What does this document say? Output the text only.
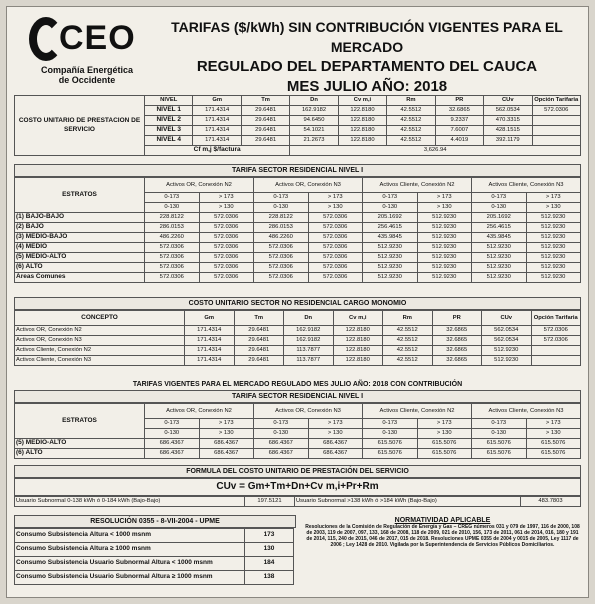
CEO
Compañía Energética
de Occidente
TARIFAS ($/kWh) SIN CONTRIBUCIÓN VIGENTES PARA EL MERCADO
REGULADO DEL DEPARTAMENTO DEL CAUCA
MES JULIO AÑO: 2018
COSTO UNITARIO DE PRESTACION DE SERVICIO	NIVEL	Gm	Tm	Dn	Cv m,i	Rm	PR	CUv	Opción Tarifaria
	NIVEL 1	171.4314	29.6481	162.9182	122.8180	42.5512	32.6865	562.0534	572.0306
	NIVEL 2	171.4314	29.6481	94.6450	122.8180	42.5512	9.2337	470.3315	
	NIVEL 3	171.4314	29.6481	54.1021	122.8180	42.5512	7.6007	428.1515	
	NIVEL 4	171.4314	29.6481	21.2673	122.8180	42.5512	4.4019	392.1179	
	Cf m,j $/factura			3,626.94					
TARIFA SECTOR RESIDENCIAL NIVEL I
ESTRATOS	Activos OR, Conexión N2		Activos OR, Conexión N3		Activos Cliente, Conexión N2		Activos Cliente, Conexión N3	
	0-173	> 173	0-173	> 173	0-173	> 173	0-173	> 173
	0-130	> 130	0-130	> 130	0-130	> 130	0-130	> 130
(1) BAJO-BAJO	228.8122	572.0306	228.8122	572.0306	205.1692	512.9230	205.1692	512.9230
(2) BAJO	286.0153	572.0306	286.0153	572.0306	256.4615	512.9230	256.4615	512.9230
(3) MEDIO-BAJO	486.2260	572.0306	486.2260	572.0306	435.9845	512.9230	435.9845	512.9230
(4) MEDIO	572.0306	572.0306	572.0306	572.0306	512.9230	512.9230	512.9230	512.9230
(5) MEDIO-ALTO	572.0306	572.0306	572.0306	572.0306	512.9230	512.9230	512.9230	512.9230
(6) ALTO	572.0306	572.0306	572.0306	572.0306	512.9230	512.9230	512.9230	512.9230
Areas Comunes	572.0306	572.0306	572.0306	572.0306	512.9230	512.9230	512.9230	512.9230
COSTO UNITARIO SECTOR NO RESIDENCIAL CARGO MONOMIO
CONCEPTO	Gm	Tm	Dn	Cv m,i	Rm	PR	CUv	Opción Tarifaria
Activos OR, Conexión N2	171.4314	29.6481	162.9182	122.8180	42.5512	32.6865	562.0534	572.0306
Activos OR, Conexión N3	171.4314	29.6481	162.9182	122.8180	42.5512	32.6865	562.0534	572.0306
Activos Cliente, Conexión N2	171.4314	29.6481	113.7877	122.8180	42.5512	32.6865	512.9230	
Activos Cliente, Conexión N3	171.4314	29.6481	113.7877	122.8180	42.5512	32.6865	512.9230	
TARIFAS VIGENTES PARA EL MERCADO REGULADO MES JULIO AÑO: 2018 CON CONTRIBUCIÓN
TARIFA SECTOR RESIDENCIAL NIVEL I
ESTRATOS	Activos OR, Conexión N2		Activos OR, Conexión N3		Activos Cliente, Conexión N2		Activos Cliente, Conexión N3	
	0-173	> 173	0-173	> 173	0-173	> 173	0-173	> 173
	0-130	> 130	0-130	> 130	0-130	> 130	0-130	> 130
(5) MEDIO-ALTO	686.4367	686.4367	686.4367	686.4367	615.5076	615.5076	615.5076	615.5076
(6) ALTO	686.4367	686.4367	686.4367	686.4367	615.5076	615.5076	615.5076	615.5076
FORMULA DEL COSTO UNITARIO DE PRESTACIÓN DEL SERVICIO
CUv = Gm+Tm+Dn+Cv m,i+Pr+Rm
Usuario Subnormal 0-138 kWh ó 0-184 kWh (Bajo-Bajo)	197.5121	Usuario Subnormal >138 kWh ó >184 kWh (Bajo-Bajo)	483.7803
RESOLUCIÓN 0355 - 8-VII-2004 - UPME
Consumo Subsistencia Altura < 1000 msnm	173
Consumo Subsistencia Altura ≥ 1000 msnm	130
Consumo Subsistencia Usuario Subnormal Altura < 1000 msnm	184
Consumo Subsistencia Usuario Subnormal Altura ≥ 1000 msnm	138
NORMATIVIDAD APLICABLE
Resoluciones de la Comisión de Regulación de Energía y Gas – CREG números 031 y 079 de 1997, 116 de 2000, 108 de 2003, 119 de 2007, 097, 133, 168 de 2008, 118 de 2009, 021 de 2010, 156, 173 de 2011, 061 de 2014, 016, 180 y 191 de 2014, 115, 240 de 2015, 046 de 2017, 015 de 2018. Resoluciones UPME 0355 de 2004 y 0015 de 2005, Ley 1117 de 2006 ; Ley 1428 de 2010. Vigilada por la Superintendencia de Servicios Públicos Domiciliarios.
